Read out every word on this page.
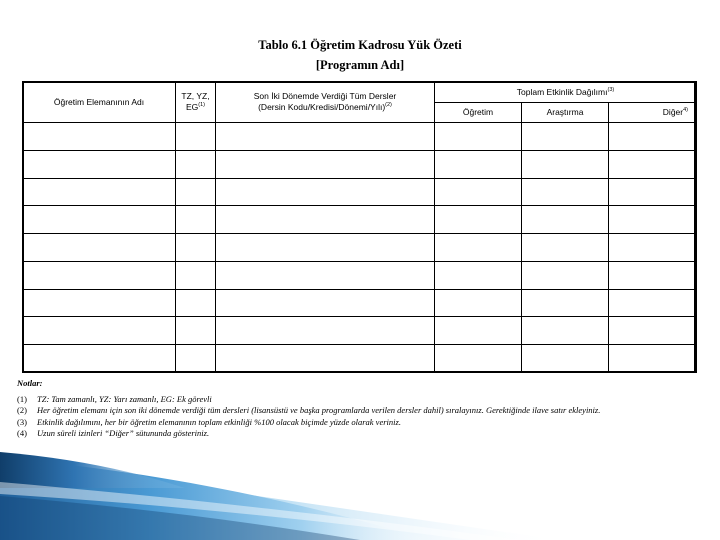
Tablo 6.1 Öğretim Kadrosu Yük Özeti
[Programın Adı]
Öğretim Elemanının Adı	TZ, YZ, EG$^{(1)}$	Son İki Dönemde Verdiği Tüm Dersler
(Dersin Kodu/Kredisi/Dönemi/Yılı)$^{(2)}$	Toplam Etkinlik Dağılımı$^{(3)}$
			Öğretim	Araştırma	Diğer$^{4)}$

Notlar:
(1) TZ: Tam zamanlı, YZ: Yarı zamanlı, EG: Ek görevli
(2) Her öğretim elemanı için son iki dönemde verdiği tüm dersleri (lisansüstü ve başka programlarda verilen dersler dahil) sıralayınız. Gerektiğinde ilave satır ekleyiniz.
(3) Etkinlik dağılımını, her bir öğretim elemanının toplam etkinliği %100 olacak biçimde yüzde olarak veriniz.
(4) Uzun süreli izinleri “Diğer” sütununda gösteriniz.
